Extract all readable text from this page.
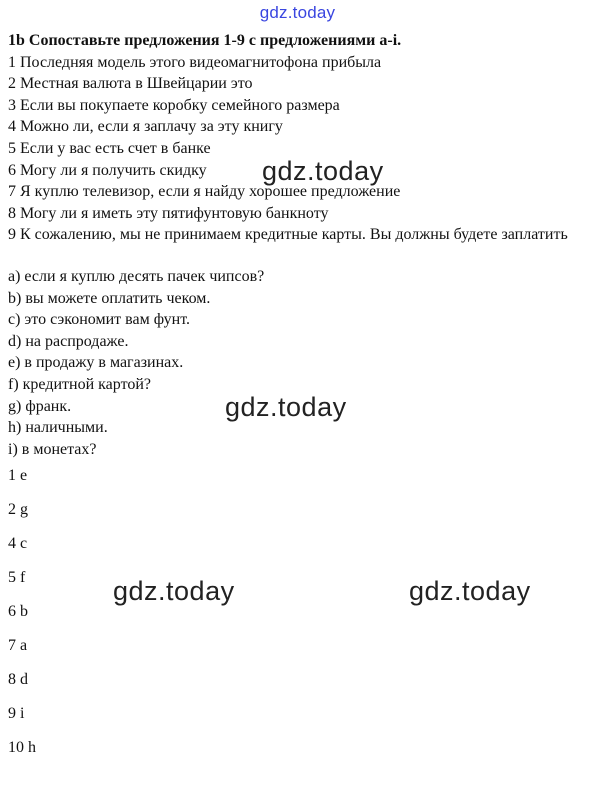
gdz.today
1b Сопоставьте предложения 1-9 с предложениями a-i.
1 Последняя модель этого видеомагнитофона прибыла
2 Местная валюта в Швейцарии это
3 Если вы покупаете коробку семейного размера
4 Можно ли, если я заплачу за эту книгу
5 Если у вас есть счет в банке
6 Могу ли я получить скидку
7 Я куплю телевизор, если я найду хорошее предложение
8 Могу ли я иметь эту пятифунтовую банкноту
9 К сожалению, мы не принимаем кредитные карты. Вы должны будете заплатить
a) если я куплю десять пачек чипсов?
b) вы можете оплатить чеком.
c) это сэкономит вам фунт.
d) на распродаже.
e) в продажу в магазинах.
f) кредитной картой?
g) франк.
h) наличными.
i) в монетах?
1 e
2 g
4 c
5 f
6 b
7 a
8 d
9 i
10 h
gdz.today
gdz.today
gdz.today	gdz.today
